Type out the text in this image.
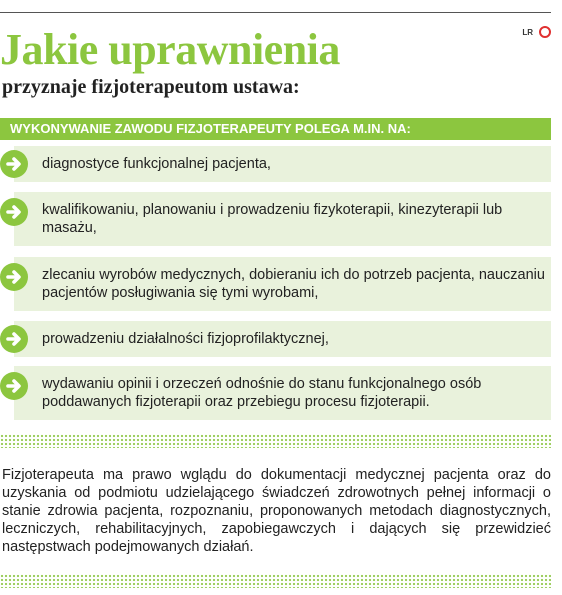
Jakie uprawnienia
przyznaje fizjoterapeutom ustawa:
LR
WYKONYWANIE ZAWODU FIZJOTERAPEUTY POLEGA M.IN. NA:
diagnostyce funkcjonalnej pacjenta,
kwalifikowaniu, planowaniu i prowadzeniu fizykoterapii, kinezyterapii lub masażu,
zlecaniu wyrobów medycznych, dobieraniu ich do potrzeb pacjenta, nauczaniu pacjentów posługiwania się tymi wyrobami,
prowadzeniu działalności fizjoprofilaktycznej,
wydawaniu opinii i orzeczeń odnośnie do stanu funkcjonalnego osób poddawanych fizjoterapii oraz przebiegu procesu fizjoterapii.

Fizjoterapeuta ma prawo wglądu do dokumentacji medycznej pacjenta oraz do uzyskania od podmiotu udzielającego świadczeń zdrowotnych pełnej informacji o stanie zdrowia pacjenta, rozpoznaniu, proponowanych metodach diagnostycznych, leczniczych, rehabilitacyjnych, zapobiegawczych i dających się przewidzieć następstwach podejmowanych działań.
